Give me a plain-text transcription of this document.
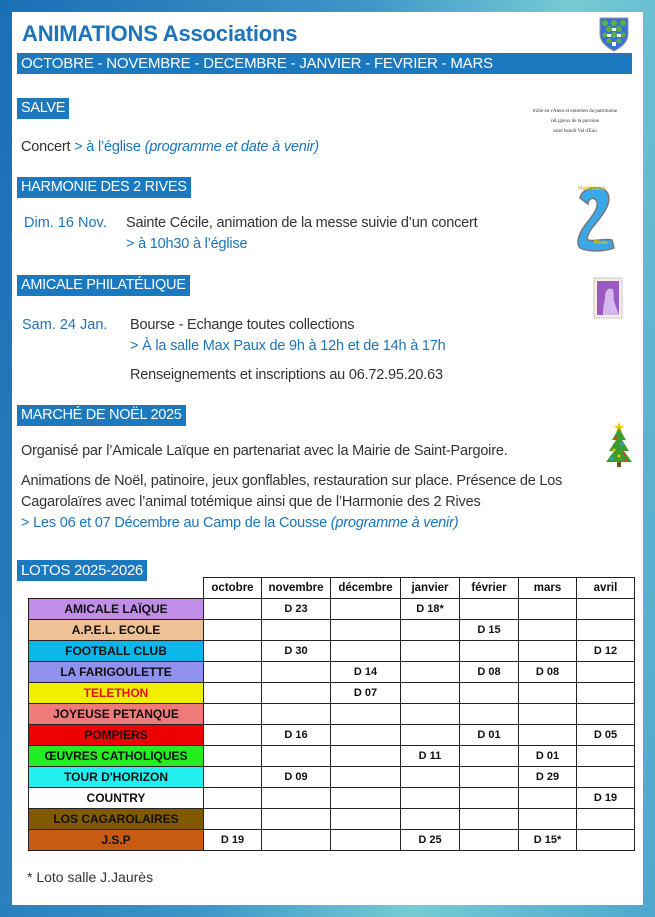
ANIMATIONS Associations
OCTOBRE - NOVEMBRE - DECEMBRE - JANVIER - FEVRIER - MARS
SALVE
Concert > à l’église (programme et date à venir)
miSe en vAleur et entretien du patrimoine
reLigieux de la paroisse
saint benoît Val d'Eau
HARMONIE DES 2 RIVES
Dim. 16 Nov. Sainte Cécile, animation de la messe suivie d’un concert
> à 10h30 à l’église
Harmonie
Rives
AMICALE PHILATÉLIQUE
Sam. 24 Jan. Bourse - Echange toutes collections
> À la salle Max Paux de 9h à 12h et de 14h à 17h
Renseignements et inscriptions au 06.72.95.20.63
MARCHÉ DE NOËL 2025
Organisé par l’Amicale Laïque en partenariat avec la Mairie de Saint-Pargoire.
Animations de Noël, patinoire, jeux gonflables, restauration sur place. Présence de Los
Cagarolaïres avec l’animal totémique ainsi que de l’Harmonie des 2 Rives
> Les 06 et 07 Décembre au Camp de la Cousse (programme à venir)
LOTOS 2025-2026
	octobre	novembre	décembre	janvier	février	mars	avril
AMICALE LAÏQUE		D 23		D 18*			
A.P.E.L. ECOLE					D 15		
FOOTBALL CLUB		D 30					D 12
LA FARIGOULETTE			D 14		D 08	D 08	
TELETHON			D 07				
JOYEUSE PETANQUE							
POMPIERS		D 16			D 01		D 05
ŒUVRES CATHOLIQUES				D 11		D 01	
TOUR D'HORIZON		D 09				D 29	
COUNTRY							D 19
LOS CAGAROLAIRES							
J.S.P	D 19			D 25		D 15*	
* Loto salle J.Jaurès
